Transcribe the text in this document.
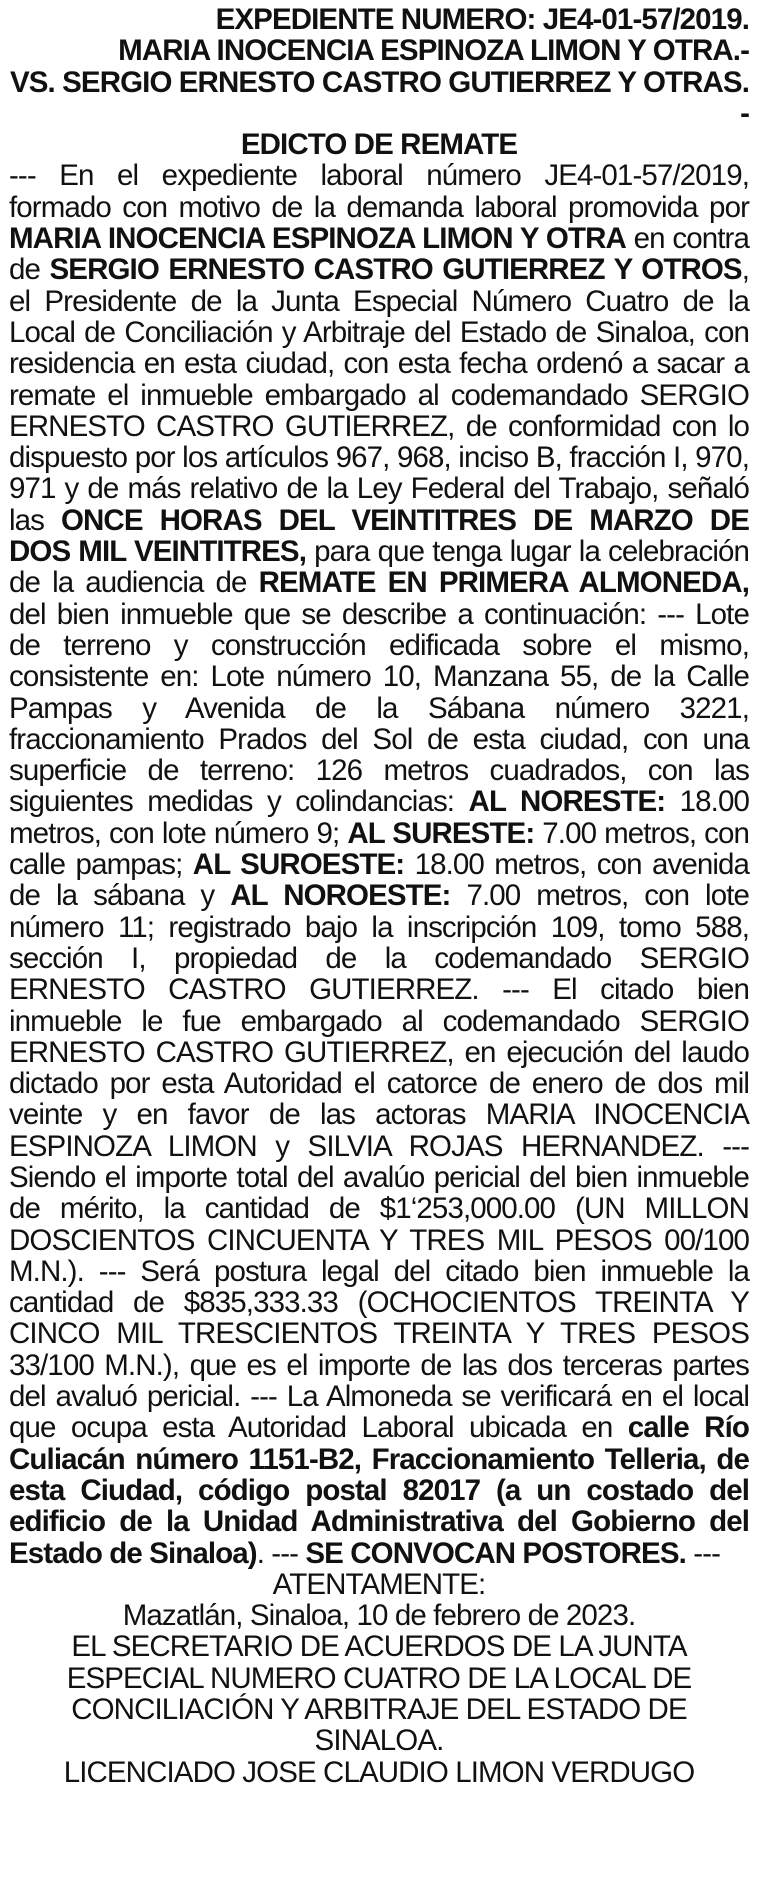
EXPEDIENTE NUMERO: JE4-01-57/2019.

MARIA INOCENCIA ESPINOZA LIMON Y OTRA.-

VS. SERGIO ERNESTO CASTRO GUTIERREZ Y OTRAS. -

EDICTO DE REMATE

--- En el expediente laboral número JE4-01-57/2019, formado con motivo de la demanda laboral promovida por MARIA INOCENCIA ESPINOZA LIMON Y OTRA en contra de SERGIO ERNESTO CASTRO GUTIERREZ Y OTROS, el Presidente de la Junta Especial Número Cuatro de la Local de Conciliación y Arbitraje del Estado de Sinaloa, con residencia en esta ciudad, con esta fecha ordenó a sacar a remate el inmueble embargado al codemandado SERGIO ERNESTO CASTRO GUTIERREZ, de conformidad con lo dispuesto por los artículos 967, 968, inciso B, fracción I, 970, 971 y de más relativo de la Ley Federal del Trabajo, señaló las ONCE HORAS DEL VEINTITRES DE MARZO DE DOS MIL VEINTITRES, para que tenga lugar la celebración de la audiencia de REMATE EN PRIMERA ALMONEDA, del bien inmueble que se describe a continuación: --- Lote de terreno y construcción edificada sobre el mismo, consistente en: Lote número 10, Manzana 55, de la Calle Pampas y Avenida de la Sábana número 3221, fraccionamiento Prados del Sol de esta ciudad, con una superficie de terreno: 126 metros cuadrados, con las siguientes medidas y colindancias: AL NORESTE: 18.00 metros, con lote número 9; AL SURESTE: 7.00 metros, con calle pampas; AL SUROESTE: 18.00 metros, con avenida de la sábana y AL NOROESTE: 7.00 metros, con lote número 11; registrado bajo la inscripción 109, tomo 588, sección I, propiedad de la codemandado SERGIO ERNESTO CASTRO GUTIERREZ. --- El citado bien inmueble le fue embargado al codemandado SERGIO ERNESTO CASTRO GUTIERREZ, en ejecución del laudo dictado por esta Autoridad el catorce de enero de dos mil veinte y en favor de las actoras MARIA INOCENCIA ESPINOZA LIMON y SILVIA ROJAS HERNANDEZ. --- Siendo el importe total del avalúo pericial del bien inmueble de mérito, la cantidad de $1‘253,000.00 (UN MILLON DOSCIENTOS CINCUENTA Y TRES MIL PESOS 00/100 M.N.). --- Será postura legal del citado bien inmueble la cantidad de $835,333.33 (OCHOCIENTOS TREINTA Y CINCO MIL TRESCIENTOS TREINTA Y TRES PESOS 33/100 M.N.), que es el importe de las dos terceras partes del avaluó pericial. --- La Almoneda se verificará en el local que ocupa esta Autoridad Laboral ubicada en calle Río Culiacán número 1151-B2, Fraccionamiento Telleria, de esta Ciudad, código postal 82017 (a un costado del edificio de la Unidad Administrativa del Gobierno del Estado de Sinaloa). --- SE CONVOCAN POSTORES. ---

ATENTAMENTE:

Mazatlán, Sinaloa, 10 de febrero de 2023.

EL SECRETARIO DE ACUERDOS DE LA JUNTA ESPECIAL NUMERO CUATRO DE LA LOCAL DE CONCILIACIÓN Y ARBITRAJE DEL ESTADO DE SINALOA.

LICENCIADO JOSE CLAUDIO LIMON VERDUGO
